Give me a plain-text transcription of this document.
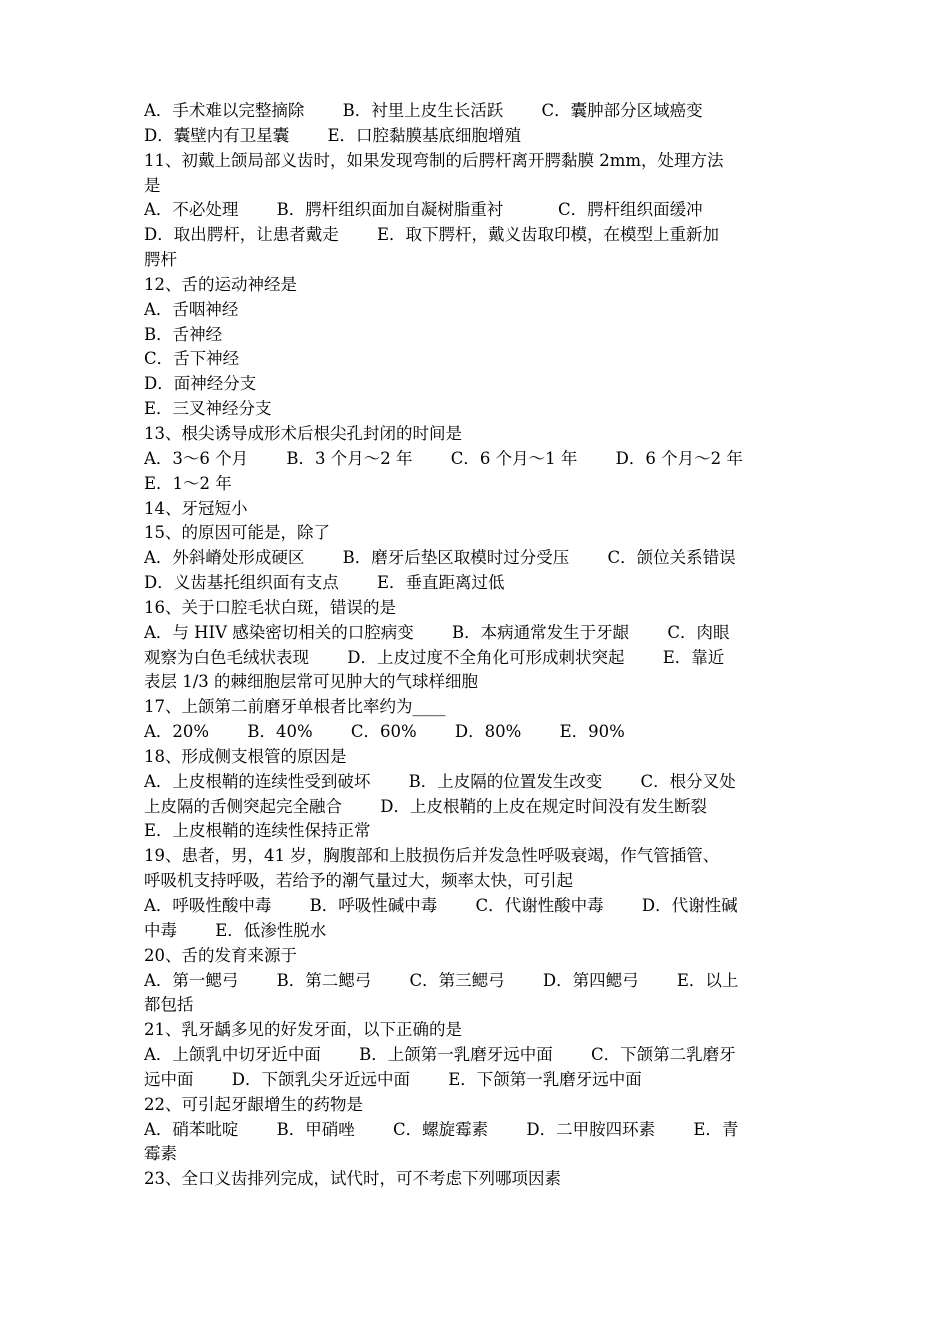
A．手术难以完整摘除　　 B．衬里上皮生长活跃　　 C．囊肿部分区域癌变
D．囊壁内有卫星囊　　 E．口腔黏膜基底细胞增殖
11、初戴上颌局部义齿时，如果发现弯制的后腭杆离开腭黏膜 2mm，处理方法
是
A．不必处理　　 B．腭杆组织面加自凝树脂重衬　　　 C．腭杆组织面缓冲
D．取出腭杆，让患者戴走　　 E．取下腭杆，戴义齿取印模，在模型上重新加
腭杆
12、舌的运动神经是
A．舌咽神经
B．舌神经
C．舌下神经
D．面神经分支
E．三叉神经分支
13、根尖诱导成形术后根尖孔封闭的时间是
A．3～6 个月　　 B．3 个月～2 年　　 C．6 个月～1 年　　 D．6 个月～2 年
E．1～2 年
14、牙冠短小
15、的原因可能是，除了
A．外斜嵴处形成硬区　　 B．磨牙后垫区取模时过分受压　　 C．颌位关系错误
D．义齿基托组织面有支点　　 E．垂直距离过低
16、关于口腔毛状白斑，错误的是
A．与 HIV 感染密切相关的口腔病变　　 B．本病通常发生于牙龈　　 C．肉眼
观察为白色毛绒状表现　　 D．上皮过度不全角化可形成刺状突起　　 E．靠近
表层 1/3 的棘细胞层常可见肿大的气球样细胞
17、上颌第二前磨牙单根者比率约为____
A．20%　　 B．40%　　 C．60%　　 D．80%　　 E．90%
18、形成侧支根管的原因是
A．上皮根鞘的连续性受到破坏　　 B．上皮隔的位置发生改变　　 C．根分叉处
上皮隔的舌侧突起完全融合　　 D．上皮根鞘的上皮在规定时间没有发生断裂
E．上皮根鞘的连续性保持正常
19、患者，男，41 岁，胸腹部和上肢损伤后并发急性呼吸衰竭，作气管插管、
呼吸机支持呼吸，若给予的潮气量过大，频率太快，可引起
A．呼吸性酸中毒　　 B．呼吸性碱中毒　　 C．代谢性酸中毒　　 D．代谢性碱
中毒　　 E．低渗性脱水
20、舌的发育来源于
A．第一鳃弓　　 B．第二鳃弓　　 C．第三鳃弓　　 D．第四鳃弓　　 E．以上
都包括
21、乳牙龋多见的好发牙面，以下正确的是
A．上颌乳中切牙近中面　　 B．上颌第一乳磨牙远中面　　 C．下颌第二乳磨牙
远中面　　 D．下颌乳尖牙近远中面　　 E．下颌第一乳磨牙远中面
22、可引起牙龈增生的药物是
A．硝苯吡啶　　 B．甲硝唑　　 C．螺旋霉素　　 D．二甲胺四环素　　 E．青
霉素
23、全口义齿排列完成，试代时，可不考虑下列哪项因素
